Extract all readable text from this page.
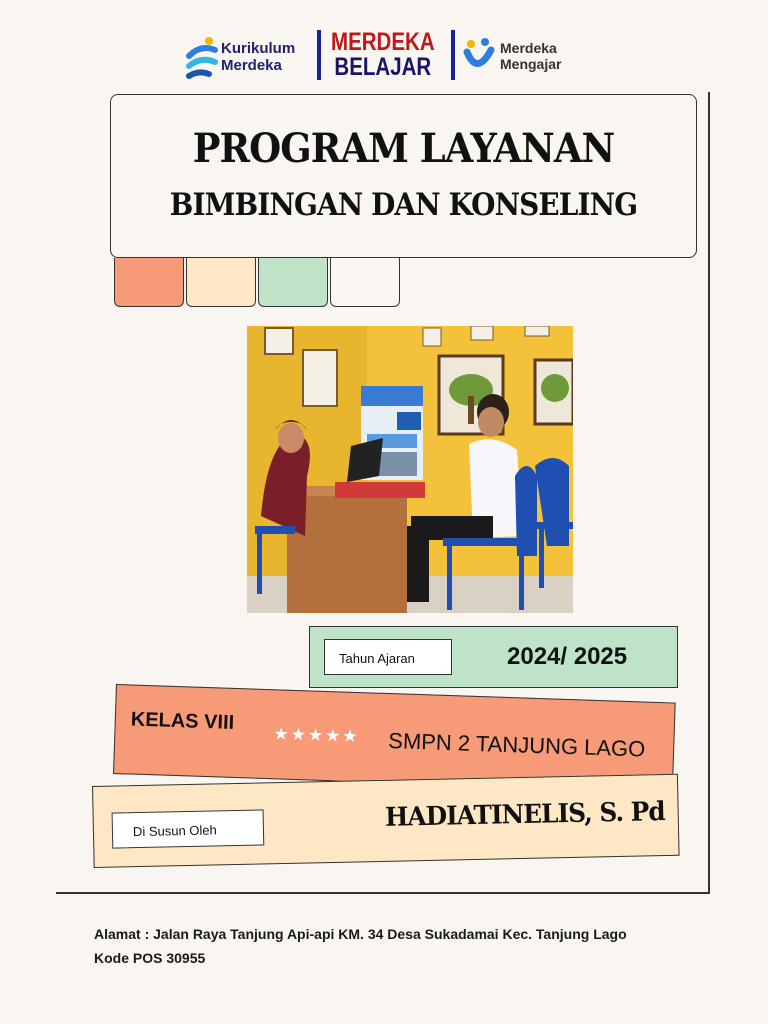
Kurikulum
Merdeka
MERDEKA
BELAJAR
Merdeka
Mengajar
PROGRAM LAYANAN
BIMBINGAN DAN KONSELING
Tahun Ajaran	2024/ 2025
KELAS VIII
★★★★★ SMPN 2 TANJUNG LAGO
Di Susun Oleh	HADIATINELIS, S. Pd
Alamat : Jalan Raya Tanjung Api-api KM. 34 Desa Sukadamai Kec. Tanjung Lago
Kode POS 30955
